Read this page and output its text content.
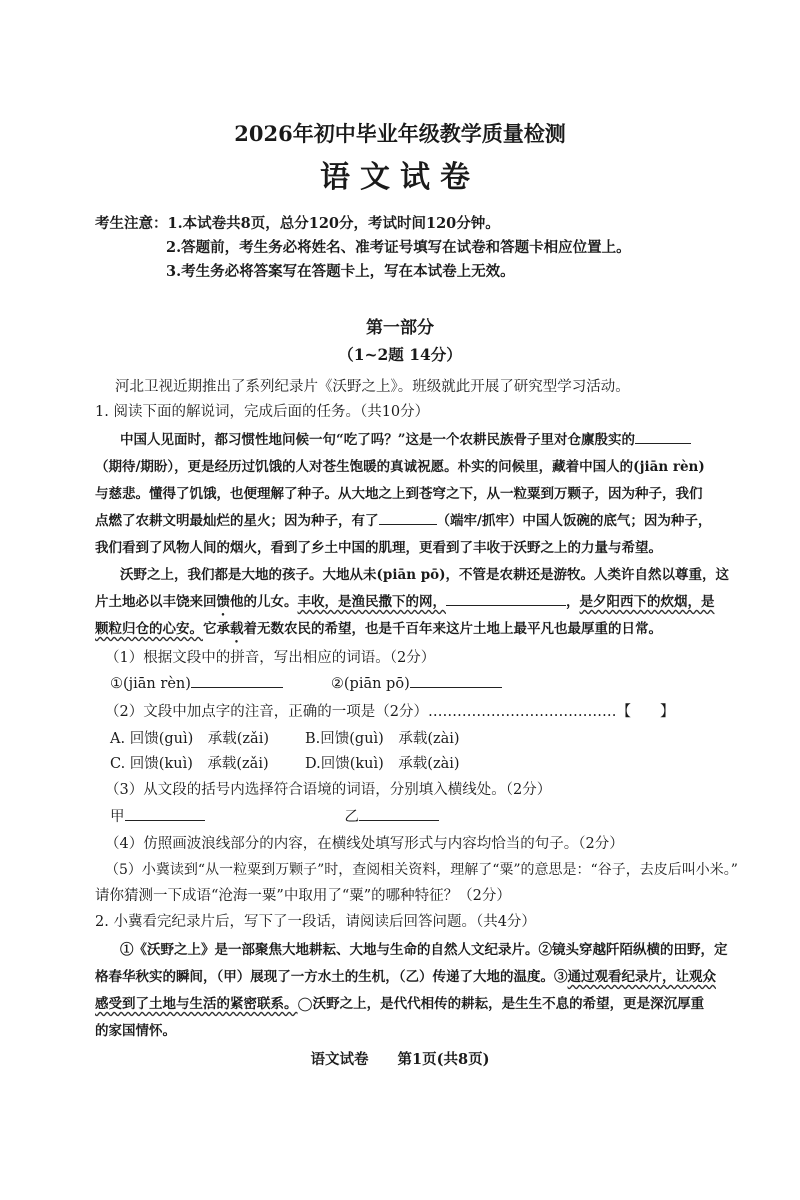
2026年初中毕业年级教学质量检测
语文试卷
考生注意：1.本试卷共8页，总分120分，考试时间120分钟。
2.答题前，考生务必将姓名、准考证号填写在试卷和答题卡相应位置上。
3.考生务必将答案写在答题卡上，写在本试卷上无效。
第一部分
（1~2题 14分）
河北卫视近期推出了系列纪录片《沃野之上》。班级就此开展了研究型学习活动。
1. 阅读下面的解说词，完成后面的任务。（共10分）
中国人见面时，都习惯性地问候一句“吃了吗？”这是一个农耕民族骨子里对仓廪殷实的
（期待/期盼），更是经历过饥饿的人对苍生饱暖的真诚祝愿。朴实的问候里，藏着中国人的(jiān rèn)
与慈悲。懂得了饥饿，也便理解了种子。从大地之上到苍穹之下，从一粒粟到万颗子，因为种子，我们
点燃了农耕文明最灿烂的星火；因为种子，有了	（端牢/抓牢）中国人饭碗的底气；因为种子，
我们看到了风物人间的烟火，看到了乡土中国的肌理，更看到了丰收于沃野之上的力量与希望。
沃野之上，我们都是大地的孩子。大地从未(piān pō)，不管是农耕还是游牧。人类许自然以尊重，这
片土地必以丰饶来回馈他的儿女。丰收，是渔民撒下的网，	，是夕阳西下的炊烟，是
颗粒归仓的心安。它承载着无数农民的希望，也是千百年来这片土地上最平凡也最厚重的日常。
（1）根据文段中的拼音，写出相应的词语。（2分）
①(jiān rèn)	②(piān pō)
（2）文段中加点字的注音，正确的一项是（2分）…………………………………【　　】
A. 回馈(guì)　承载(zǎi) B.回馈(guì)　承载(zài)
C. 回馈(kuì)　承载(zǎi)	D.回馈(kuì)　承载(zài)
（3）从文段的括号内选择符合语境的词语，分别填入横线处。（2分）
甲	乙
（4）仿照画波浪线部分的内容，在横线处填写形式与内容均恰当的句子。（2分）
（5）小冀读到“从一粒粟到万颗子”时，查阅相关资料，理解了“粟”的意思是：“谷子，去皮后叫小米。”
请你猜测一下成语“沧海一粟”中取用了“粟”的哪种特征？（2分）
2. 小冀看完纪录片后，写下了一段话，请阅读后回答问题。（共4分）
①《沃野之上》是一部聚焦大地耕耘、大地与生命的自然人文纪录片。②镜头穿越阡陌纵横的田野，定
格春华秋实的瞬间，（甲）展现了一方水土的生机，（乙）传递了大地的温度。③通过观看纪录片，让观众
感受到了土地与生活的紧密联系。◯沃野之上，是代代相传的耕耘，是生生不息的希望，更是深沉厚重
的家国情怀。
语文试卷　　 第1页(共8页)
